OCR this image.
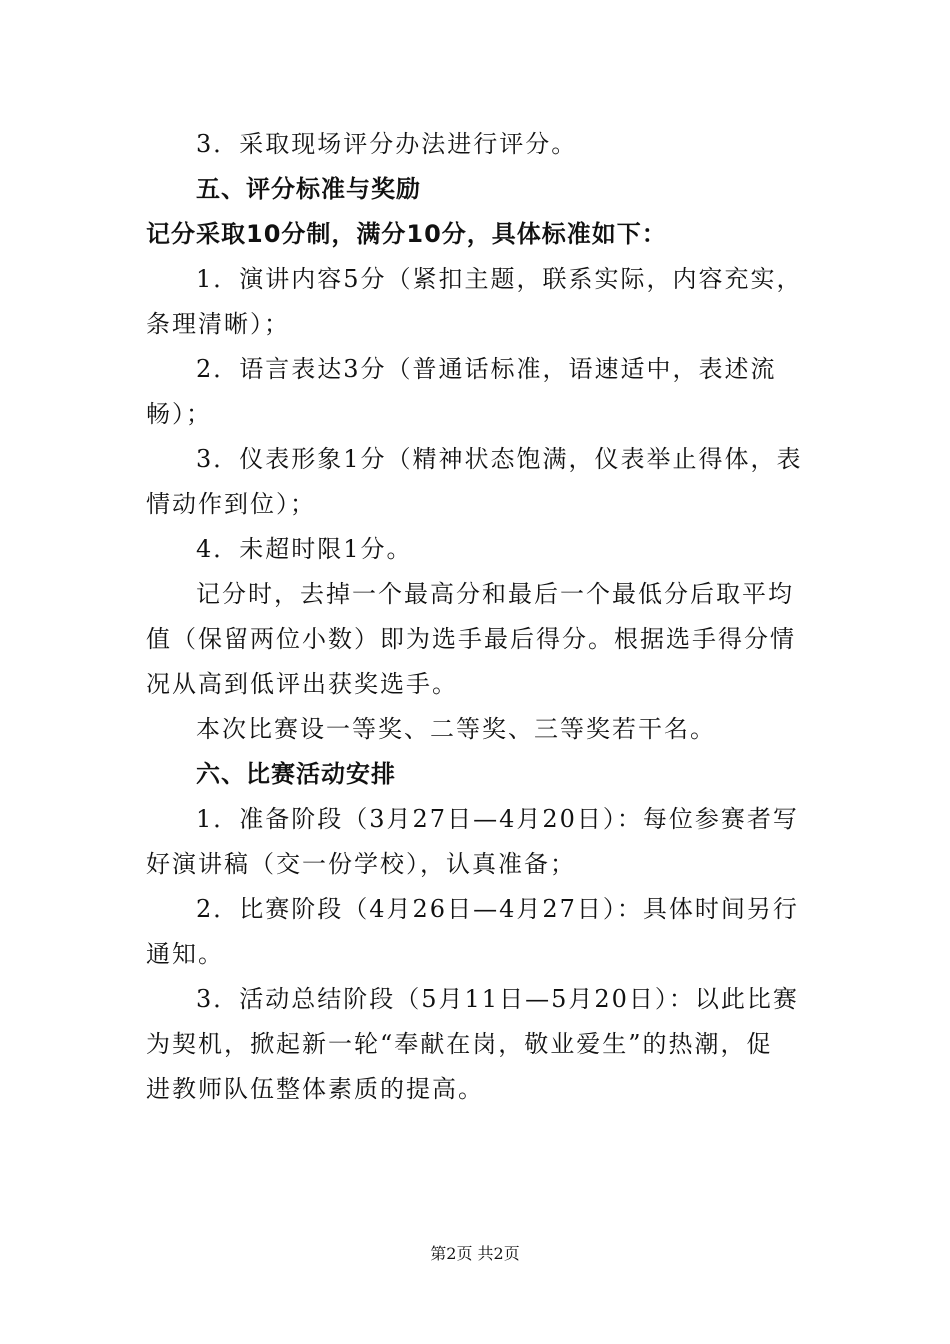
3．采取现场评分办法进行评分。
五、评分标准与奖励
记分采取10分制，满分10分，具体标准如下：
1．演讲内容5分（紧扣主题，联系实际，内容充实，
条理清晰）；
2．语言表达3分（普通话标准，语速适中，表述流
畅）；
3．仪表形象1分（精神状态饱满，仪表举止得体，表
情动作到位）；
4．未超时限1分。
记分时，去掉一个最高分和最后一个最低分后取平均
值（保留两位小数）即为选手最后得分。根据选手得分情
况从高到低评出获奖选手。
本次比赛设一等奖、二等奖、三等奖若干名。
六、比赛活动安排
1．准备阶段（3月27日—4月20日）：每位参赛者写
好演讲稿（交一份学校），认真准备；
2．比赛阶段（4月26日—4月27日）：具体时间另行
通知。
3．活动总结阶段（5月11日—5月20日）：以此比赛
为契机，掀起新一轮“奉献在岗，敬业爱生”的热潮，促
进教师队伍整体素质的提高。
第2页 共2页
